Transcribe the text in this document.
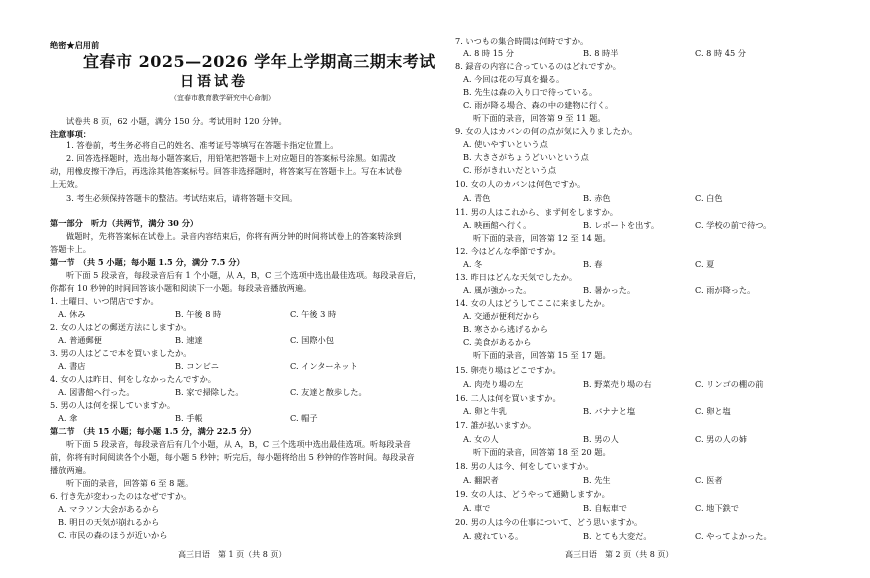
绝密★启用前
宜春市 2025—2026 学年上学期高三期末考试
日语试卷
（宜春市教育教学研究中心命制）
试卷共 8 页，62 小题，满分 150 分。考试用时 120 分钟。
注意事项：
1. 答卷前，考生务必将自己的姓名、准考证号等填写在答题卡指定位置上。
2. 回答选择题时，选出每小题答案后，用铅笔把答题卡上对应题目的答案标号涂黑。如需改
动，用橡皮擦干净后，再选涂其他答案标号。回答非选择题时，将答案写在答题卡上。写在本试卷
上无效。
3. 考生必须保持答题卡的整洁。考试结束后，请将答题卡交回。
第一部分　听力（共两节，满分 30 分）
做题时，先将答案标在试卷上。录音内容结束后，你将有两分钟的时间将试卷上的答案转涂到
答题卡上。
第一节　（共 5 小题；每小题 1.5 分，满分 7.5 分）
听下面 5 段录音，每段录音后有 1 个小题，从 A，B，C 三个选项中选出最佳选项。每段录音后，
你都有 10 秒钟的时间回答该小题和阅读下一小题。每段录音播放两遍。
1. 土曜日、いつ閉店ですか。
A. 休み	B. 午後 8 時	C. 午後 3 時
2. 女の人はどの郵送方法にしますか。
A. 普通郵便	B. 速達	C. 国際小包
3. 男の人はどこで本を買いましたか。
A. 書店	B. コンビニ	C. インターネット
4. 女の人は昨日、何をしなかったんですか。
A. 図書館へ行った。	B. 家で掃除した。	C. 友達と散歩した。
5. 男の人は何を探していますか。
A. 傘	B. 手帳	C. 帽子
第二节　（共 15 小题；每小题 1.5 分，满分 22.5 分）
听下面 5 段录音，每段录音后有几个小题，从 A，B，C 三个选项中选出最佳选项。听每段录音
前，你将有时间阅读各个小题，每小题 5 秒钟；听完后，每小题将给出 5 秒钟的作答时间。每段录音
播放两遍。
听下面的录音，回答第 6 至 8 题。
6. 行き先が変わったのはなぜですか。
A. マラソン大会があるから
B. 明日の天気が崩れるから
C. 市民の森のほうが近いから
高三日语　第 1 页（共 8 页）
7. いつもの集合時間は何時ですか。
A. 8 時 15 分	B. 8 時半	C. 8 時 45 分
8. 録音の内容に合っているのはどれですか。
A. 今回は花の写真を撮る。
B. 先生は森の入り口で待っている。
C. 雨が降る場合、森の中の建物に行く。
听下面的录音，回答第 9 至 11 题。
9. 女の人はカバンの何の点が気に入りましたか。
A. 使いやすいという点
B. 大きさがちょうどいいという点
C. 形がきれいだという点
10. 女の人のカバンは何色ですか。
A. 青色	B. 赤色	C. 白色
11. 男の人はこれから、まず何をしますか。
A. 映画館へ行く。	B. レポートを出す。	C. 学校の前で待つ。
听下面的录音，回答第 12 至 14 题。
12. 今はどんな季節ですか。
A. 冬	B. 春	C. 夏
13. 昨日はどんな天気でしたか。
A. 風が強かった。	B. 暑かった。	C. 雨が降った。
14. 女の人はどうしてここに来ましたか。
A. 交通が便利だから
B. 寒さから逃げるから
C. 美食があるから
听下面的录音，回答第 15 至 17 题。
15. 卵売り場はどこですか。
A. 肉売り場の左	B. 野菜売り場の右	C. リンゴの棚の前
16. 二人は何を買いますか。
A. 卵と牛乳	B. バナナと塩	C. 卵と塩
17. 誰が払いますか。
A. 女の人	B. 男の人	C. 男の人の姉
听下面的录音，回答第 18 至 20 题。
18. 男の人は今、何をしていますか。
A. 翻訳者	B. 先生	C. 医者
19. 女の人は、どうやって通勤しますか。
A. 車で	B. 自転車で	C. 地下鉄で
20. 男の人は今の仕事について、どう思いますか。
A. 疲れている。	B. とても大変だ。	C. やってよかった。
高三日语　第 2 页（共 8 页）
